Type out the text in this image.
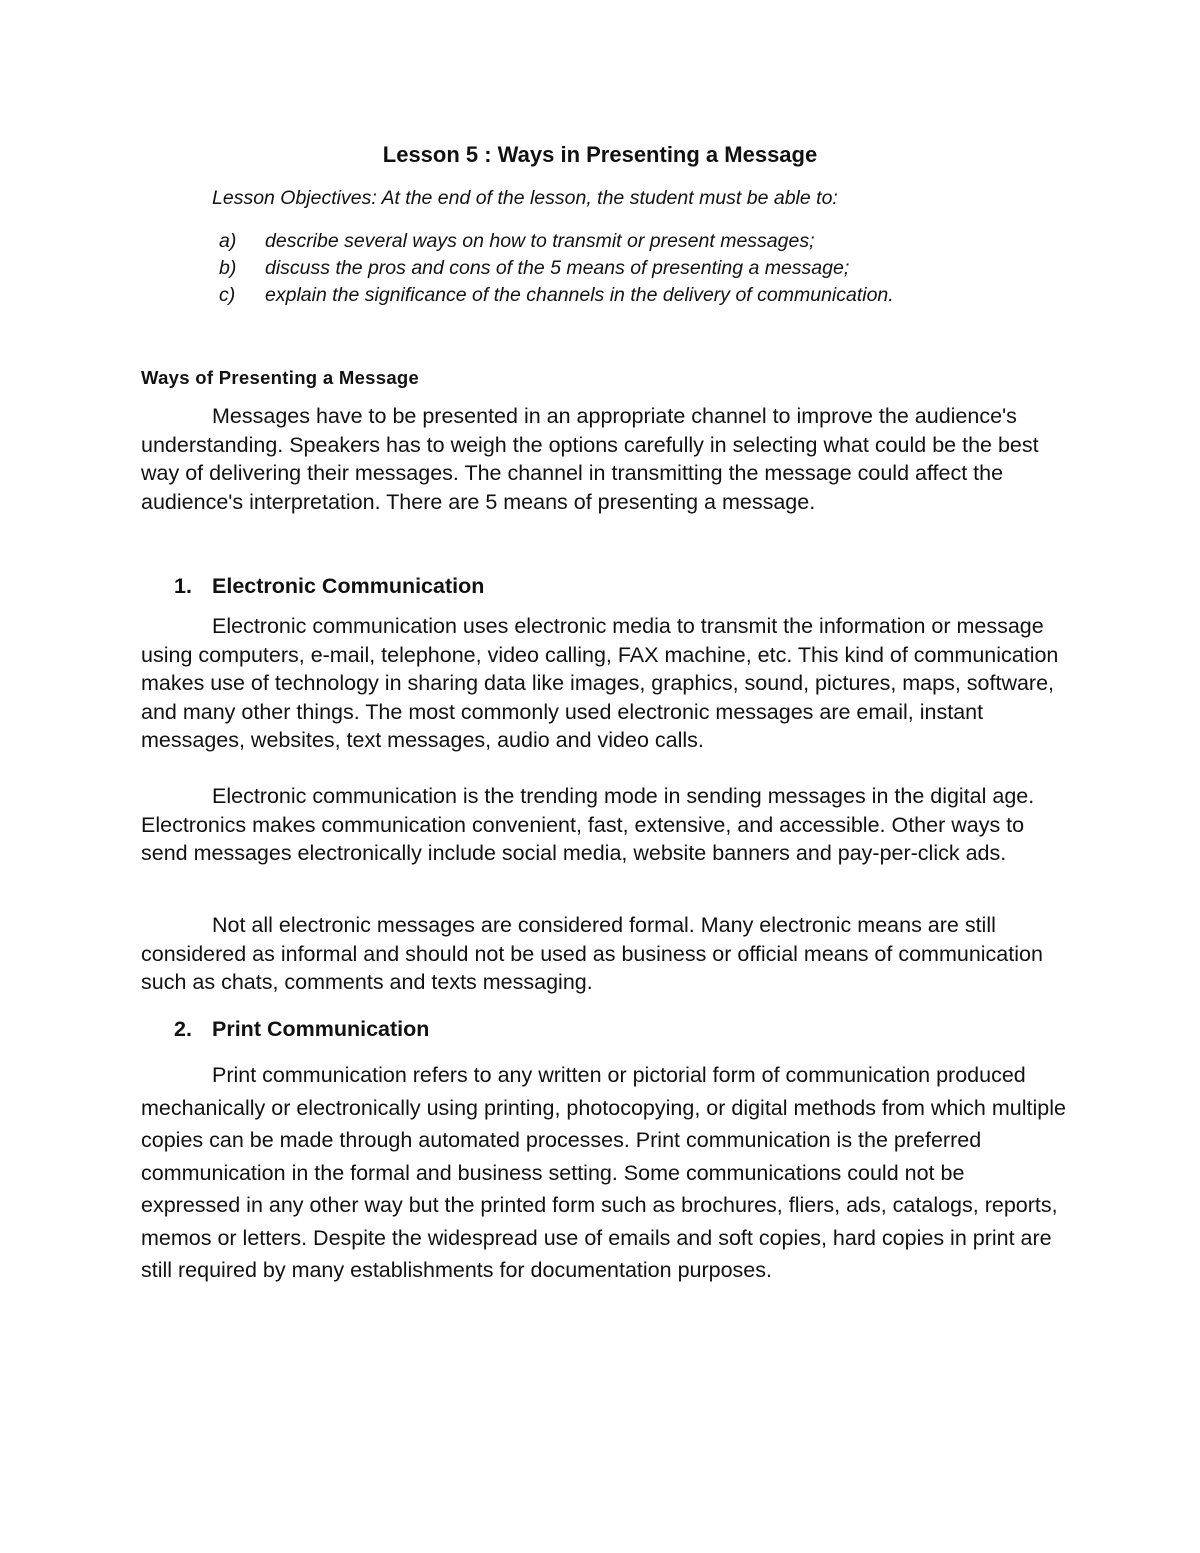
Lesson 5 : Ways in Presenting a Message

Lesson Objectives: At the end of the lesson, the student must be able to:

a) describe several ways on how to transmit or present messages;
b) discuss the pros and cons of the 5 means of presenting a message;
c) explain the significance of the channels in the delivery of communication.
Ways of Presenting a Message

Messages have to be presented in an appropriate channel to improve the audience's understanding. Speakers has to weigh the options carefully in selecting what could be the best way of delivering their messages. The channel in transmitting the message could affect the audience's interpretation. There are 5 means of presenting a message.

1. Electronic Communication

Electronic communication uses electronic media to transmit the information or message using computers, e-mail, telephone, video calling, FAX machine, etc. This kind of communication makes use of technology in sharing data like images, graphics, sound, pictures, maps, software, and many other things. The most commonly used electronic messages are email, instant messages, websites, text messages, audio and video calls.

Electronic communication is the trending mode in sending messages in the digital age. Electronics makes communication convenient, fast, extensive, and accessible. Other ways to send messages electronically include social media, website banners and pay-per-click ads.

Not all electronic messages are considered formal. Many electronic means are still considered as informal and should not be used as business or official means of communication such as chats, comments and texts messaging.

2. Print Communication

Print communication refers to any written or pictorial form of communication produced mechanically or electronically using printing, photocopying, or digital methods from which multiple copies can be made through automated processes. Print communication is the preferred communication in the formal and business setting. Some communications could not be expressed in any other way but the printed form such as brochures, fliers, ads, catalogs, reports, memos or letters. Despite the widespread use of emails and soft copies, hard copies in print are still required by many establishments for documentation purposes.
